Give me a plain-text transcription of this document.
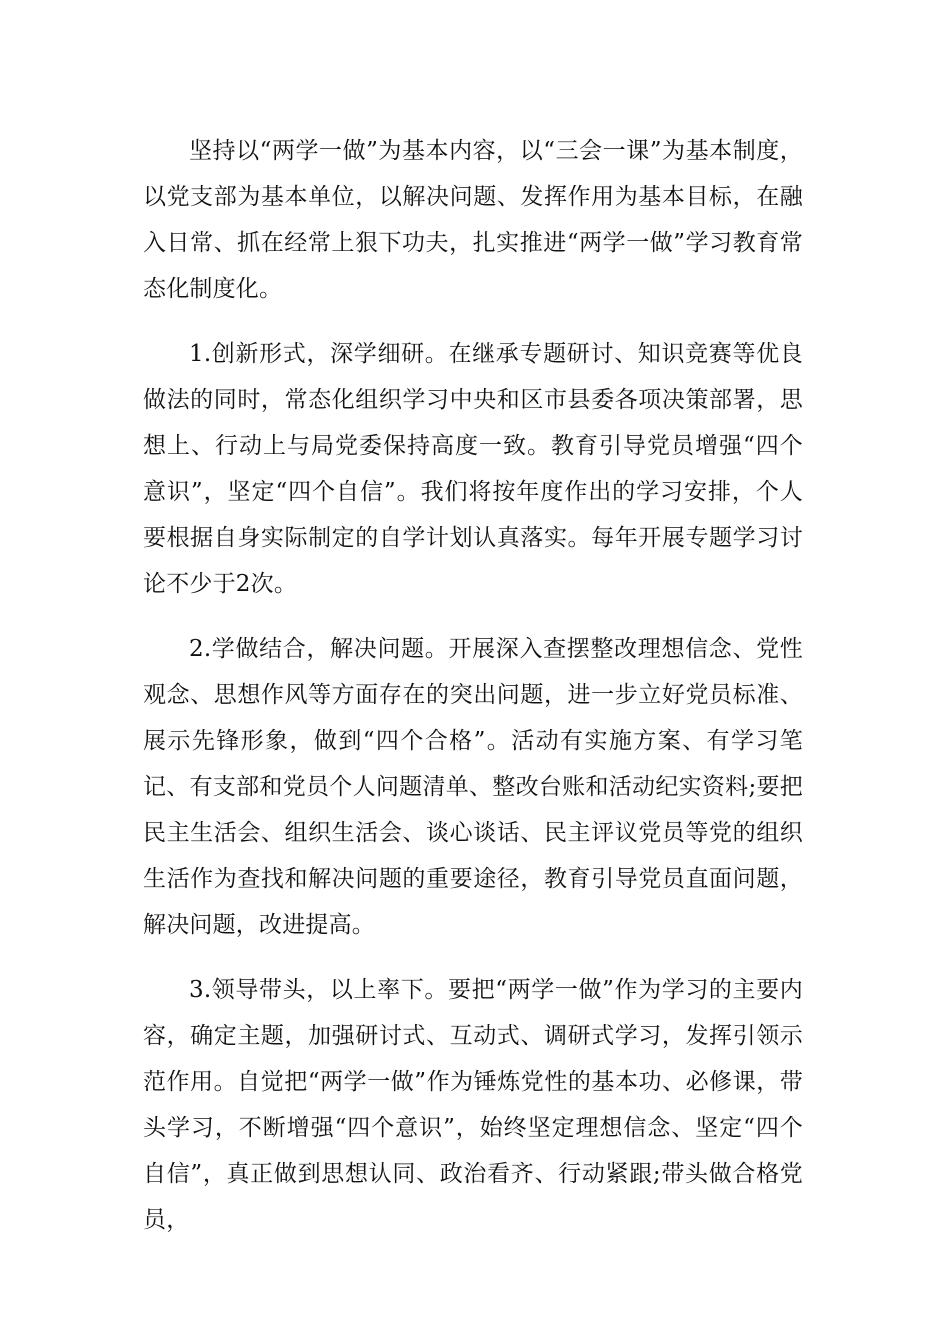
坚持以“两学一做”为基本内容，以“三会一课”为基本制度，以党支部为基本单位，以解决问题、发挥作用为基本目标，在融入日常、抓在经常上狠下功夫，扎实推进“两学一做”学习教育常态化制度化。

1.创新形式，深学细研。在继承专题研讨、知识竞赛等优良做法的同时，常态化组织学习中央和区市县委各项决策部署，思想上、行动上与局党委保持高度一致。教育引导党员增强“四个意识”，坚定“四个自信”。我们将按年度作出的学习安排，个人要根据自身实际制定的自学计划认真落实。每年开展专题学习讨论不少于2次。

2.学做结合，解决问题。开展深入查摆整改理想信念、党性观念、思想作风等方面存在的突出问题，进一步立好党员标准、展示先锋形象，做到“四个合格”。活动有实施方案、有学习笔记、有支部和党员个人问题清单、整改台账和活动纪实资料;要把民主生活会、组织生活会、谈心谈话、民主评议党员等党的组织生活作为查找和解决问题的重要途径，教育引导党员直面问题，解决问题，改进提高。

3.领导带头，以上率下。要把“两学一做”作为学习的主要内容，确定主题，加强研讨式、互动式、调研式学习，发挥引领示范作用。自觉把“两学一做”作为锤炼党性的基本功、必修课，带头学习，不断增强“四个意识”，始终坚定理想信念、坚定“四个自信”，真正做到思想认同、政治看齐、行动紧跟;带头做合格党员，
